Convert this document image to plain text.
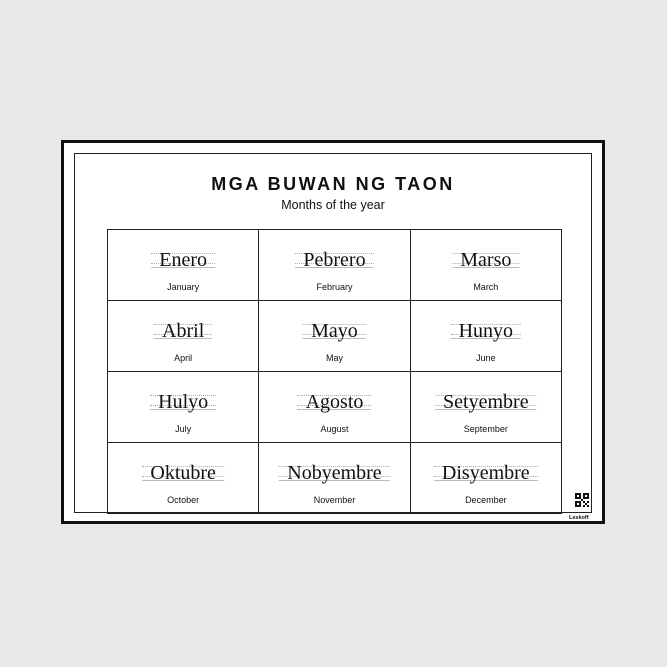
MGA BUWAN NG TAON
Months of the year
Enero
January
Pebrero
February
Marso
March
Abril
April
Mayo
May
Hunyo
June
Hulyo
July
Agosto
August
Setyembre
September
Oktubre
October
Nobyembre
November
Disyembre
December
Leskoff
